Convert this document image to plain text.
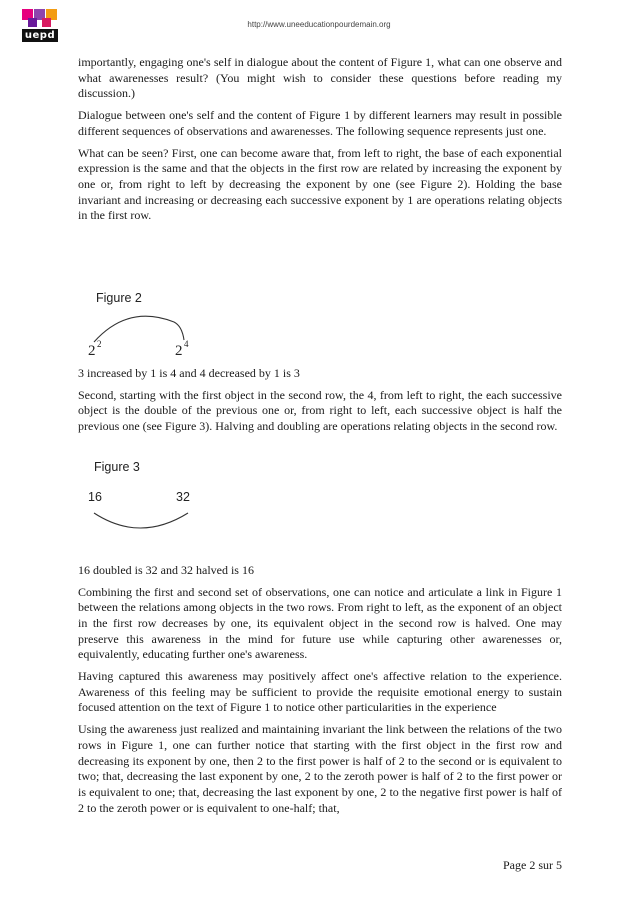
uepd
http://www.uneeducationpourdemain.org

importantly, engaging one's self in dialogue about the content of Figure 1, what can one observe and what awarenesses result? (You might wish to consider these questions before reading my discussion.)

Dialogue between one's self and the content of Figure 1 by different learners may result in possible different sequences of observations and awarenesses. The following sequence represents just one.

What can be seen? First, one can become aware that, from left to right, the base of each exponential expression is the same and that the objects in the first row are related by increasing the exponent by one or, from right to left by decreasing the exponent by one (see Figure 2). Holding the base invariant and increasing or decreasing each successive exponent by 1 are operations relating objects in the first row.

Figure 2
2 2	2 4

3 increased by 1 is 4 and 4 decreased by 1 is 3

Second, starting with the first object in the second row, the 4, from left to right, the each successive object is the double of the previous one or, from right to left, each successive object is half the previous one (see Figure 3). Halving and doubling are operations relating objects in the second row.

Figure 3
16	32

16 doubled is 32 and 32 halved is 16

Combining the first and second set of observations, one can notice and articulate a link in Figure 1 between the relations among objects in the two rows. From right to left, as the exponent of an object in the first row decreases by one, its equivalent object in the second row is halved. One may preserve this awareness in the mind for future use while capturing other awarenesses or, equivalently, educating further one's awareness.

Having captured this awareness may positively affect one's affective relation to the experience. Awareness of this feeling may be sufficient to provide the requisite emotional energy to sustain focused attention on the text of Figure 1 to notice other particularities in the experience

Using the awareness just realized and maintaining invariant the link between the relations of the two rows in Figure 1, one can further notice that starting with the first object in the first row and decreasing its exponent by one, then 2 to the first power is half of 2 to the second or is equivalent to two; that, decreasing the last exponent by one, 2 to the zeroth power is half of 2 to the first power or is equivalent to one; that, decreasing the last exponent by one, 2 to the negative first power is half of 2 to the zeroth power or is equivalent to one-half; that,

Page 2 sur 5
